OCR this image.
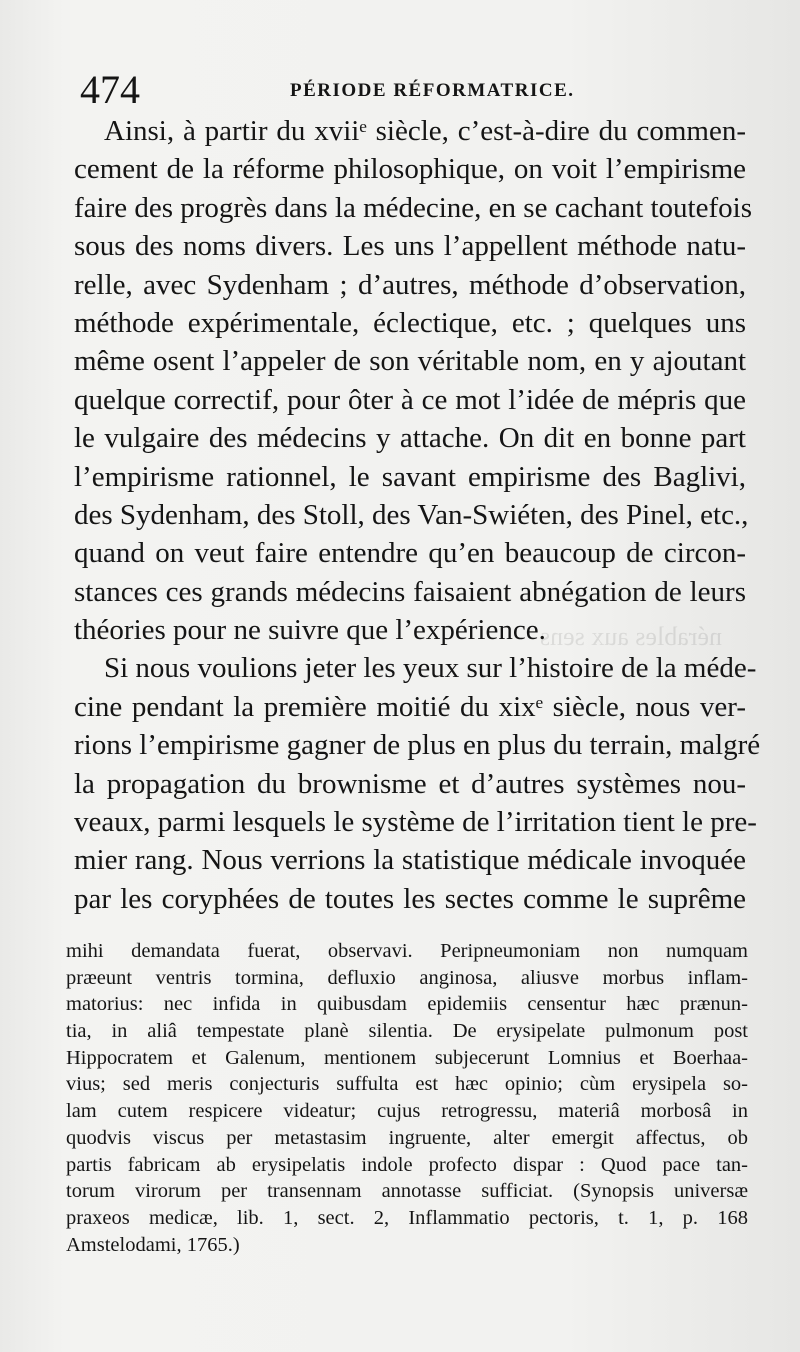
nérables aux sens
474	PÉRIODE RÉFORMATRICE.
Ainsi, à partir du xviiᵉ siècle, c’est-à-dire du commen-
cement de la réforme philosophique, on voit l’empirisme
faire des progrès dans la médecine, en se cachant toutefois
sous des noms divers. Les uns l’appellent méthode natu-
relle, avec Sydenham ; d’autres, méthode d’observation,
méthode expérimentale, éclectique, etc. ; quelques uns
même osent l’appeler de son véritable nom, en y ajoutant
quelque correctif, pour ôter à ce mot l’idée de mépris que
le vulgaire des médecins y attache. On dit en bonne part
l’empirisme rationnel, le savant empirisme des Baglivi,
des Sydenham, des Stoll, des Van-Swiéten, des Pinel, etc.,
quand on veut faire entendre qu’en beaucoup de circon-
stances ces grands médecins faisaient abnégation de leurs
théories pour ne suivre que l’expérience.
Si nous voulions jeter les yeux sur l’histoire de la méde-
cine pendant la première moitié du xixᵉ siècle, nous ver-
rions l’empirisme gagner de plus en plus du terrain, malgré
la propagation du brownisme et d’autres systèmes nou-
veaux, parmi lesquels le système de l’irritation tient le pre-
mier rang. Nous verrions la statistique médicale invoquée
par les coryphées de toutes les sectes comme le suprême
mihi demandata fuerat, observavi. Peripneumoniam non numquam
præeunt ventris tormina, defluxio anginosa, aliusve morbus inflam-
matorius: nec infida in quibusdam epidemiis censentur hæc prænun-
tia, in aliâ tempestate planè silentia. De erysipelate pulmonum post
Hippocratem et Galenum, mentionem subjecerunt Lomnius et Boerhaa-
vius; sed meris conjecturis suffulta est hæc opinio; cùm erysipela so-
lam cutem respicere videatur; cujus retrogressu, materiâ morbosâ in
quodvis viscus per metastasim ingruente, alter emergit affectus, ob
partis fabricam ab erysipelatis indole profecto dispar : Quod pace tan-
torum virorum per transennam annotasse sufficiat. (Synopsis universæ
praxeos medicæ, lib. 1, sect. 2, Inflammatio pectoris, t. 1, p. 168
Amstelodami, 1765.)
